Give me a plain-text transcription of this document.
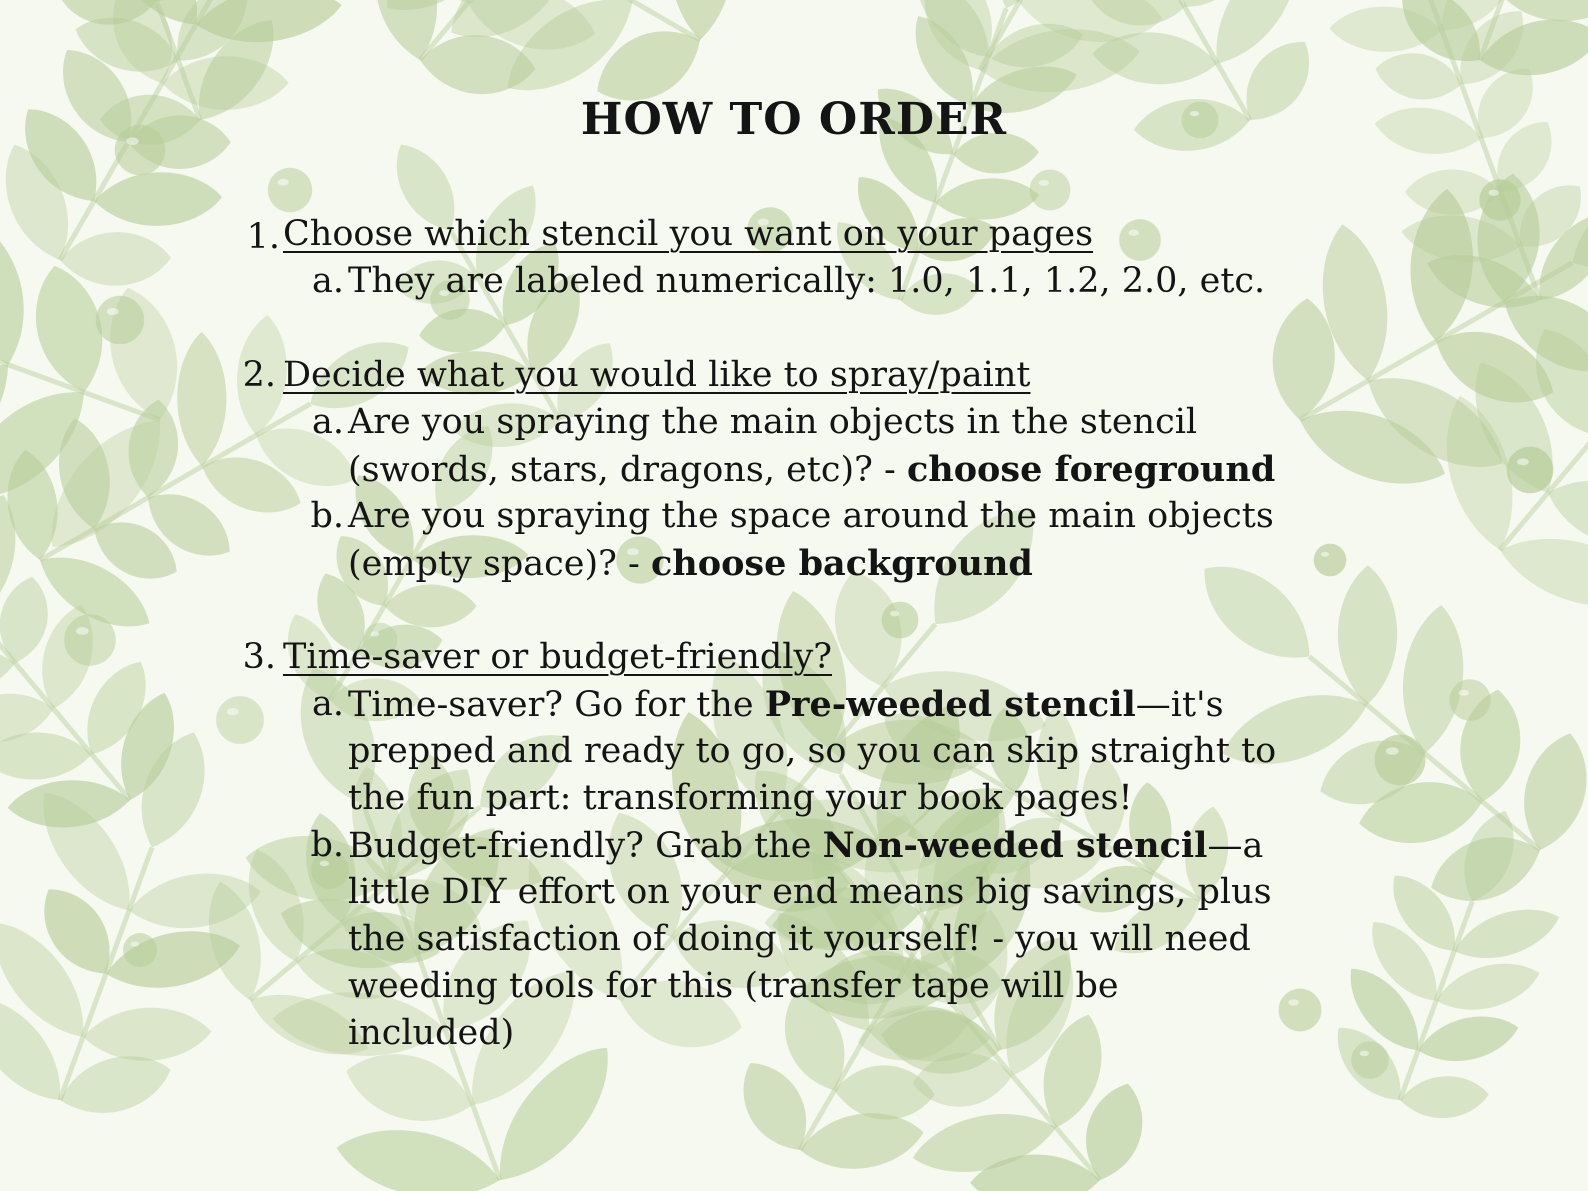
HOW TO ORDER
1. Choose which stencil you want on your pages
a. They are labeled numerically: 1.0, 1.1, 1.2, 2.0, etc.
2. Decide what you would like to spray/paint
a. Are you spraying the main objects in the stencil
(swords, stars, dragons, etc)? - choose foreground
b. Are you spraying the space around the main objects
(empty space)? - choose background
3. Time-saver or budget-friendly?
a. Time-saver? Go for the Pre-weeded stencil—it's
prepped and ready to go, so you can skip straight to
the fun part: transforming your book pages!
b. Budget-friendly? Grab the Non-weeded stencil—a
little DIY effort on your end means big savings, plus
the satisfaction of doing it yourself! - you will need
weeding tools for this (transfer tape will be
included)
